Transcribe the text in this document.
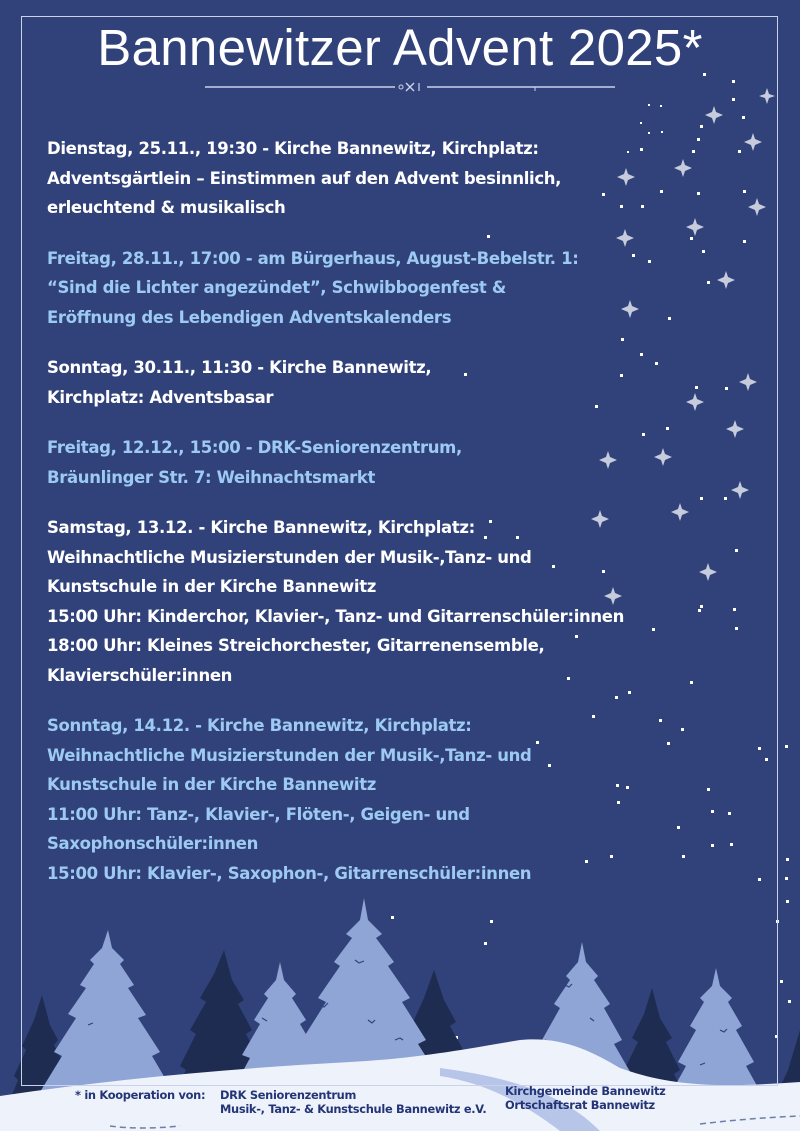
Bannewitzer Advent 2025*
Dienstag, 25.11., 19:30 - Kirche Bannewitz, Kirchplatz:
Adventsgärtlein – Einstimmen auf den Advent besinnlich,
erleuchtend & musikalisch
Freitag, 28.11., 17:00 - am Bürgerhaus, August-Bebelstr. 1:
“Sind die Lichter angezündet”, Schwibbogenfest &
Eröffnung des Lebendigen Adventskalenders
Sonntag, 30.11., 11:30 - Kirche Bannewitz,
Kirchplatz: Adventsbasar
Freitag, 12.12., 15:00 - DRK-Seniorenzentrum,
Bräunlinger Str. 7: Weihnachtsmarkt
Samstag, 13.12. - Kirche Bannewitz, Kirchplatz:
Weihnachtliche Musizierstunden der Musik-,Tanz- und
Kunstschule in der Kirche Bannewitz
15:00 Uhr: Kinderchor, Klavier-, Tanz- und Gitarrenschüler:innen
18:00 Uhr: Kleines Streichorchester, Gitarrenensemble,
Klavierschüler:innen
Sonntag, 14.12. - Kirche Bannewitz, Kirchplatz:
Weihnachtliche Musizierstunden der Musik-,Tanz- und
Kunstschule in der Kirche Bannewitz
11:00 Uhr: Tanz-, Klavier-, Flöten-, Geigen- und
Saxophonschüler:innen
15:00 Uhr: Klavier-, Saxophon-, Gitarrenschüler:innen
* in Kooperation von: DRK Seniorenzentrum
Musik-, Tanz- & Kunstschule Bannewitz e.V.
Kirchgemeinde Bannewitz
Ortschaftsrat Bannewitz
